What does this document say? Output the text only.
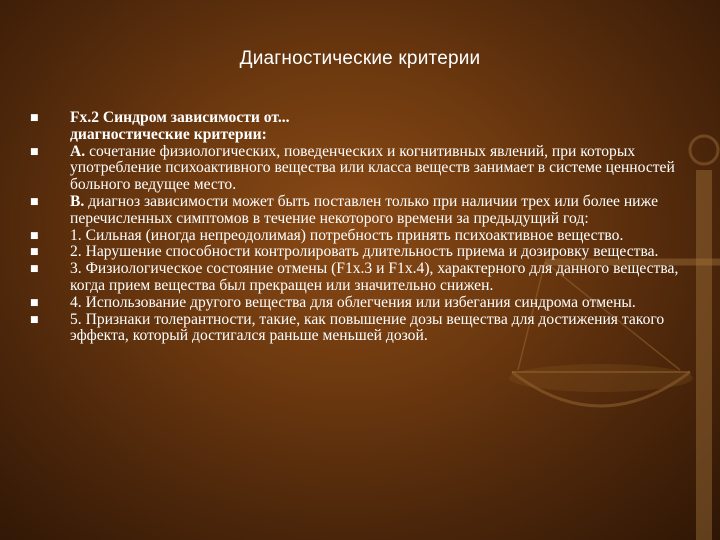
Диагностические критерии
■ Fx.2 Синдром зависимости от...
диагностические критерии:
■ А. сочетание физиологических, поведенческих и когнитивных явлений, при которых употребление психоактивного вещества или класса веществ занимает в системе ценностей больного ведущее место.
■ В. диагноз зависимости может быть поставлен только при наличии трех или более ниже перечисленных симптомов в течение некоторого времени за предыдущий год:
■ 1. Сильная (иногда непреодолимая) потребность принять психоактивное вещество.
■ 2. Нарушение способности контролировать длительность приема и дозировку вещества.
■ 3. Физиологическое состояние отмены (F1x.3 и F1x.4), характерного для данного вещества, когда прием вещества был прекращен или значительно снижен.
■ 4. Использование другого вещества для облегчения или избегания синдрома отмены.
■ 5. Признаки толерантности, такие, как повышение дозы вещества для достижения такого эффекта, который достигался раньше меньшей дозой.
